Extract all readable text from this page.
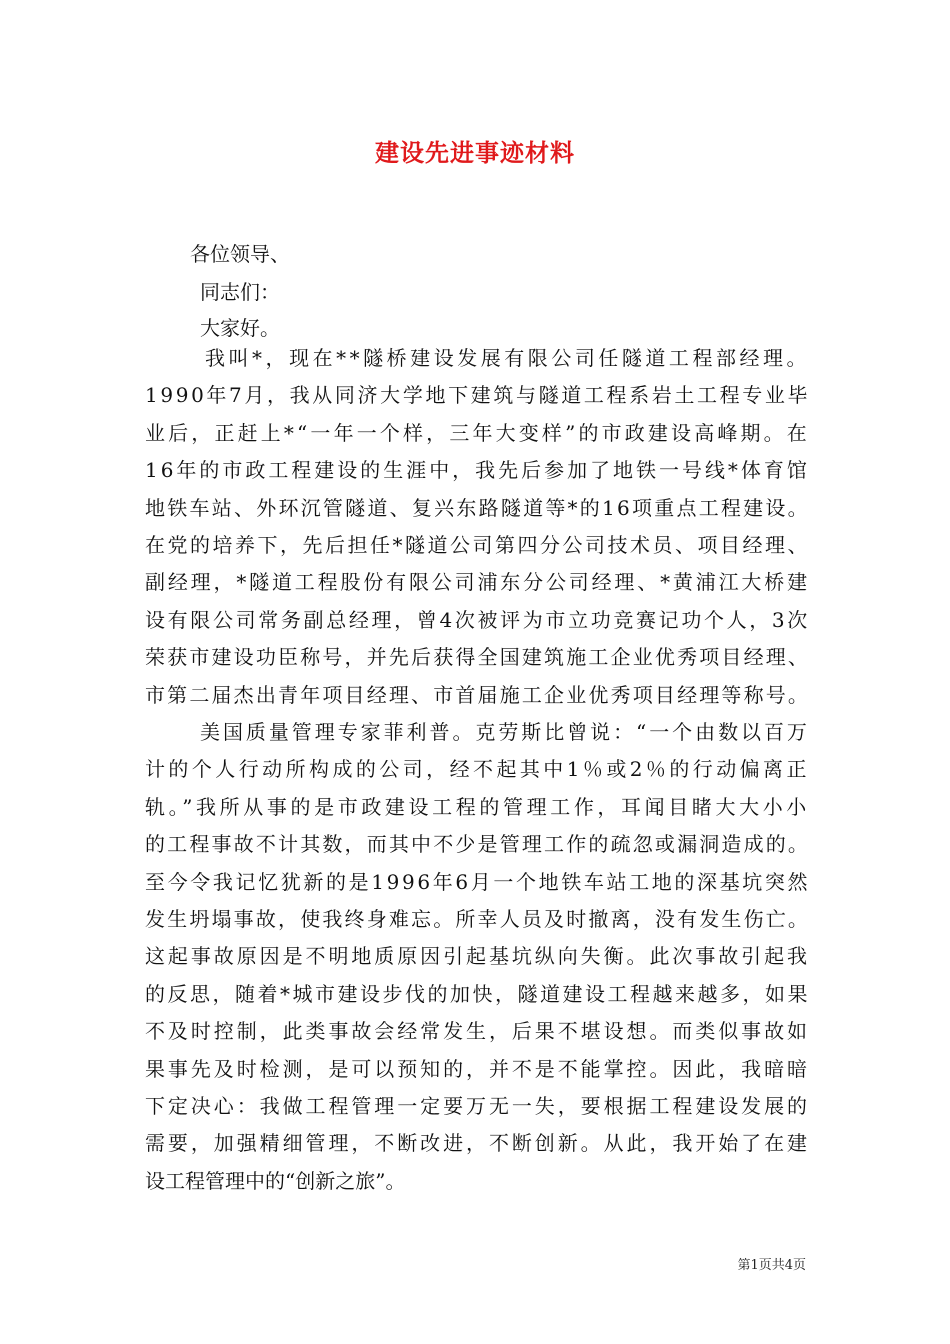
建设先进事迹材料
各位领导、
同志们：
大家好。
我叫*，现在**隧桥建设发展有限公司任隧道工程部经理。
1990年7月，我从同济大学地下建筑与隧道工程系岩土工程专业毕
业后，正赶上*“一年一个样，三年大变样”的市政建设高峰期。在
16年的市政工程建设的生涯中，我先后参加了地铁一号线*体育馆
地铁车站、外环沉管隧道、复兴东路隧道等*的16项重点工程建设。
在党的培养下，先后担任*隧道公司第四分公司技术员、项目经理、
副经理，*隧道工程股份有限公司浦东分公司经理、*黄浦江大桥建
设有限公司常务副总经理，曾4次被评为市立功竞赛记功个人，3次
荣获市建设功臣称号，并先后获得全国建筑施工企业优秀项目经理、
市第二届杰出青年项目经理、市首届施工企业优秀项目经理等称号。
美国质量管理专家菲利普。克劳斯比曾说：“一个由数以百万
计的个人行动所构成的公司，经不起其中1％或2％的行动偏离正
轨。”我所从事的是市政建设工程的管理工作，耳闻目睹大大小小
的工程事故不计其数，而其中不少是管理工作的疏忽或漏洞造成的。
至今令我记忆犹新的是1996年6月一个地铁车站工地的深基坑突然
发生坍塌事故，使我终身难忘。所幸人员及时撤离，没有发生伤亡。
这起事故原因是不明地质原因引起基坑纵向失衡。此次事故引起我
的反思，随着*城市建设步伐的加快，隧道建设工程越来越多，如果
不及时控制，此类事故会经常发生，后果不堪设想。而类似事故如
果事先及时检测，是可以预知的，并不是不能掌控。因此，我暗暗
下定决心：我做工程管理一定要万无一失，要根据工程建设发展的
需要，加强精细管理，不断改进，不断创新。从此，我开始了在建
设工程管理中的“创新之旅”。
第1页共4页
